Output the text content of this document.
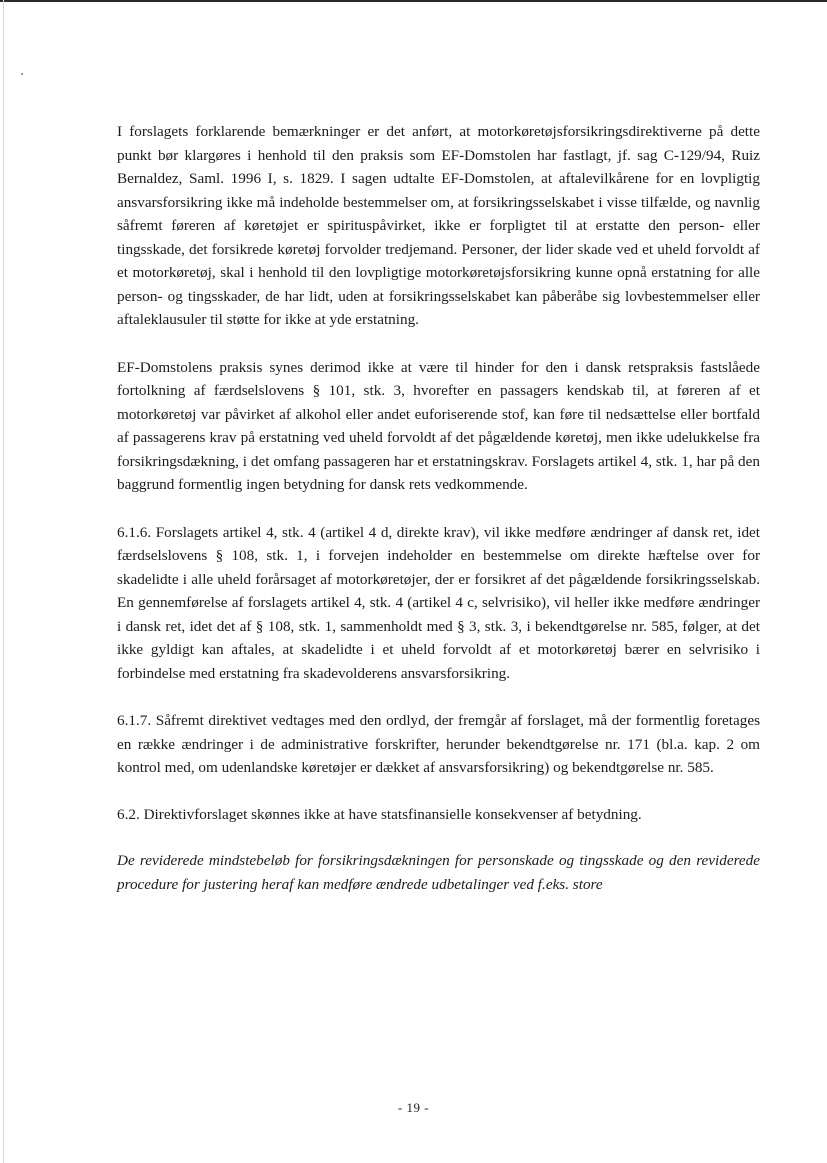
I forslagets forklarende bemærkninger er det anført, at motorkøretøjsforsikringsdirektiverne på dette punkt bør klargøres i henhold til den praksis som EF-Domstolen har fastlagt, jf. sag C-129/94, Ruiz Bernaldez, Saml. 1996 I, s. 1829. I sagen udtalte EF-Domstolen, at aftalevilkårene for en lovpligtig ansvarsforsikring ikke må indeholde bestemmelser om, at forsikringsselskabet i visse tilfælde, og navnlig såfremt føreren af køretøjet er spirituspåvirket, ikke er forpligtet til at erstatte den person- eller tingsskade, det forsikrede køretøj forvolder tredjemand. Personer, der lider skade ved et uheld forvoldt af et motorkøretøj, skal i henhold til den lovpligtige motorkøretøjsforsikring kunne opnå erstatning for alle person- og tingsskader, de har lidt, uden at forsikringsselskabet kan påberåbe sig lovbestemmelser eller aftaleklausuler til støtte for ikke at yde erstatning.

EF-Domstolens praksis synes derimod ikke at være til hinder for den i dansk retspraksis fastslåede fortolkning af færdselslovens § 101, stk. 3, hvorefter en passagers kendskab til, at føreren af et motorkøretøj var påvirket af alkohol eller andet euforiserende stof, kan føre til nedsættelse eller bortfald af passagerens krav på erstatning ved uheld forvoldt af det pågældende køretøj, men ikke udelukkelse fra forsikringsdækning, i det omfang passageren har et erstatningskrav. Forslagets artikel 4, stk. 1, har på den baggrund formentlig ingen betydning for dansk rets vedkommende.

6.1.6. Forslagets artikel 4, stk. 4 (artikel 4 d, direkte krav), vil ikke medføre ændringer af dansk ret, idet færdselslovens § 108, stk. 1, i forvejen indeholder en bestemmelse om direkte hæftelse over for skadelidte i alle uheld forårsaget af motorkøretøjer, der er forsikret af det pågældende forsikringsselskab. En gennemførelse af forslagets artikel 4, stk. 4 (artikel 4 c, selvrisiko), vil heller ikke medføre ændringer i dansk ret, idet det af § 108, stk. 1, sammenholdt med § 3, stk. 3, i bekendtgørelse nr. 585, følger, at det ikke gyldigt kan aftales, at skadelidte i et uheld forvoldt af et motorkøretøj bærer en selvrisiko i forbindelse med erstatning fra skadevolderens ansvarsforsikring.

6.1.7. Såfremt direktivet vedtages med den ordlyd, der fremgår af forslaget, må der formentlig foretages en række ændringer i de administrative forskrifter, herunder bekendtgørelse nr. 171 (bl.a. kap. 2 om kontrol med, om udenlandske køretøjer er dækket af ansvarsforsikring) og bekendtgørelse nr. 585.

6.2. Direktivforslaget skønnes ikke at have statsfinansielle konsekvenser af betydning.

De reviderede mindstebeløb for forsikringsdækningen for personskade og tingsskade og den reviderede procedure for justering heraf kan medføre ændrede udbetalinger ved f.eks. store

- 19 -
